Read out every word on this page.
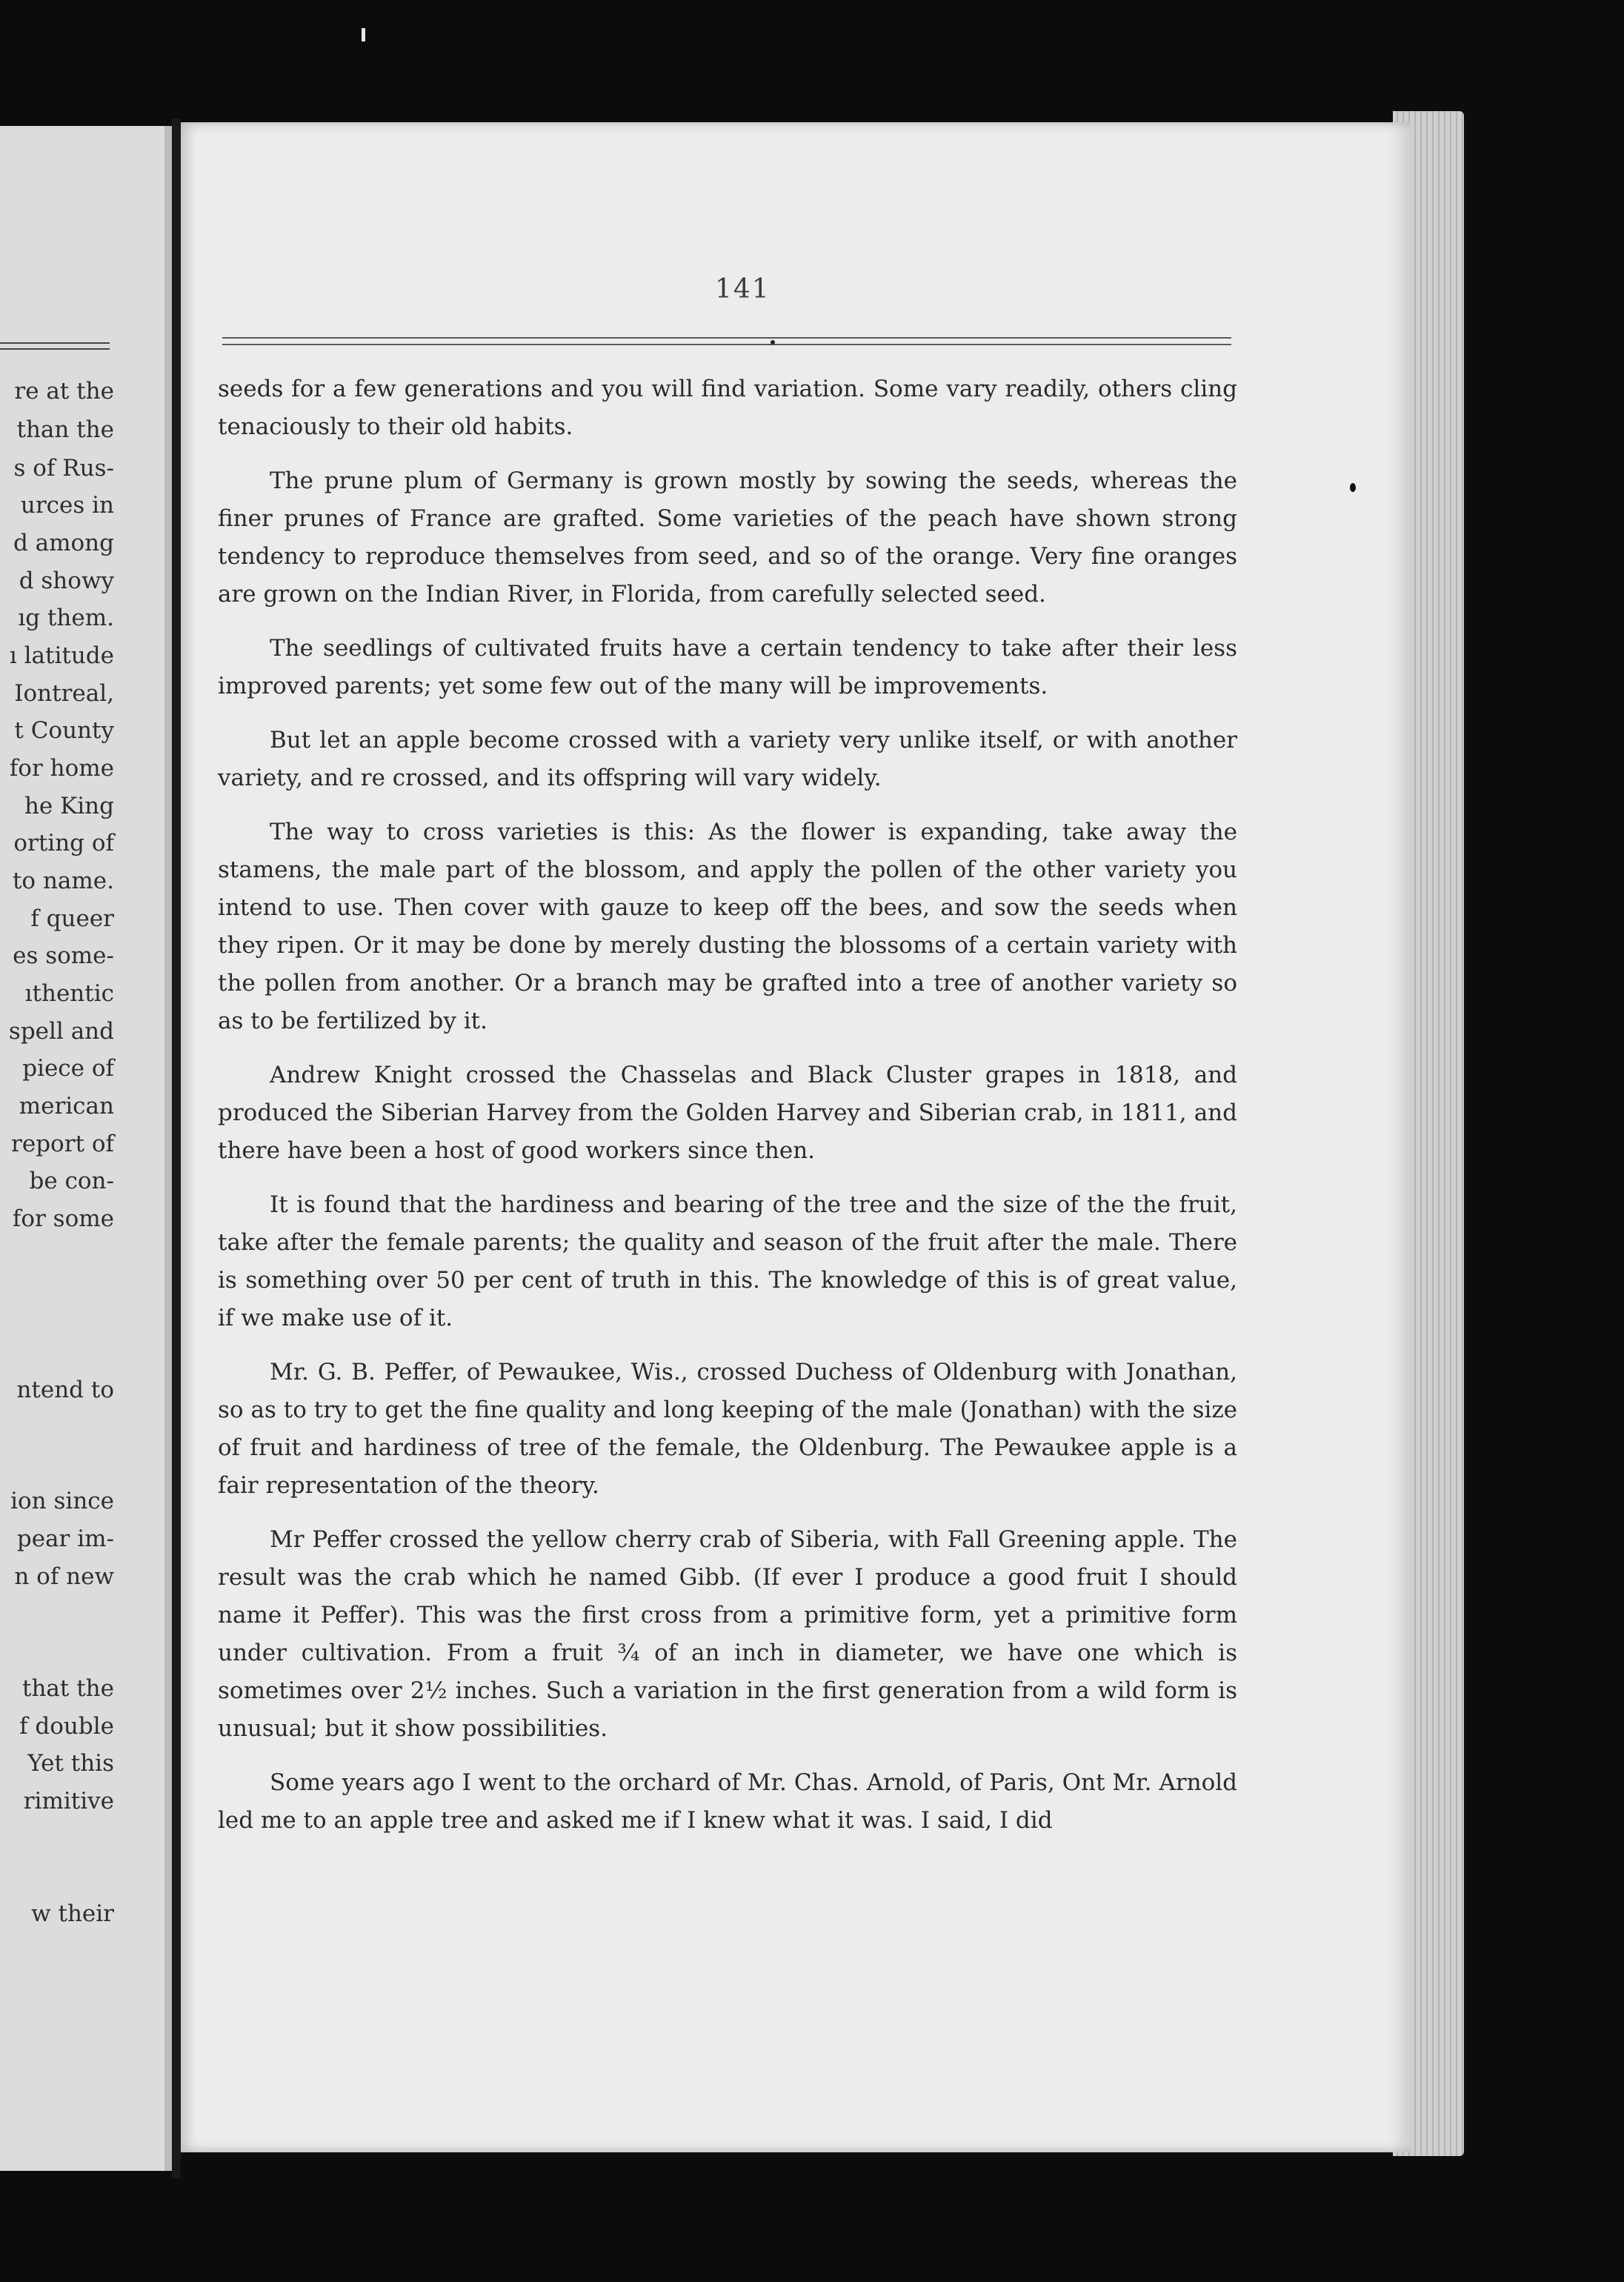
re at the
than the
s of Rus-
urces in
d among
d showy
ıg them.
ı latitude
Iontreal,
t County
for home
he King
orting of
to name.
f queer
es some-
ıthentic
spell and
piece of
merican
report of
be con-
for some
ntend to
ion since
pear im-
n of new
that the
f double
Yet this
rimitive
w their
141

seeds for a few generations and you will find variation. Some vary readily, others cling tenaciously to their old habits.

The prune plum of Germany is grown mostly by sowing the seeds, whereas the finer prunes of France are grafted. Some varieties of the peach have shown strong tendency to reproduce themselves from seed, and so of the orange. Very fine oranges are grown on the Indian River, in Florida, from carefully selected seed.

The seedlings of cultivated fruits have a certain tendency to take after their less improved parents; yet some few out of the many will be improvements.

But let an apple become crossed with a variety very unlike itself, or with another variety, and re crossed, and its offspring will vary widely.

The way to cross varieties is this: As the flower is expanding, take away the stamens, the male part of the blossom, and apply the pollen of the other variety you intend to use. Then cover with gauze to keep off the bees, and sow the seeds when they ripen. Or it may be done by merely dusting the blossoms of a certain variety with the pollen from another. Or a branch may be grafted into a tree of another variety so as to be fertilized by it.

Andrew Knight crossed the Chasselas and Black Cluster grapes in 1818, and produced the Siberian Harvey from the Golden Harvey and Siberian crab, in 1811, and there have been a host of good workers since then.

It is found that the hardiness and bearing of the tree and the size of the the fruit, take after the female parents; the quality and season of the fruit after the male. There is something over 50 per cent of truth in this. The knowledge of this is of great value, if we make use of it.

Mr. G. B. Peffer, of Pewaukee, Wis., crossed Duchess of Oldenburg with Jonathan, so as to try to get the fine quality and long keeping of the male (Jonathan) with the size of fruit and hardiness of tree of the female, the Oldenburg. The Pewaukee apple is a fair representation of the theory.

Mr Peffer crossed the yellow cherry crab of Siberia, with Fall Greening apple. The result was the crab which he named Gibb. (If ever I produce a good fruit I should name it Peffer). This was the first cross from a primitive form, yet a primitive form under cultivation. From a fruit ¾ of an inch in diameter, we have one which is sometimes over 2½ inches. Such a variation in the first generation from a wild form is unusual; but it show possibilities.

Some years ago I went to the orchard of Mr. Chas. Arnold, of Paris, Ont Mr. Arnold led me to an apple tree and asked me if I knew what it was. I said, I did
